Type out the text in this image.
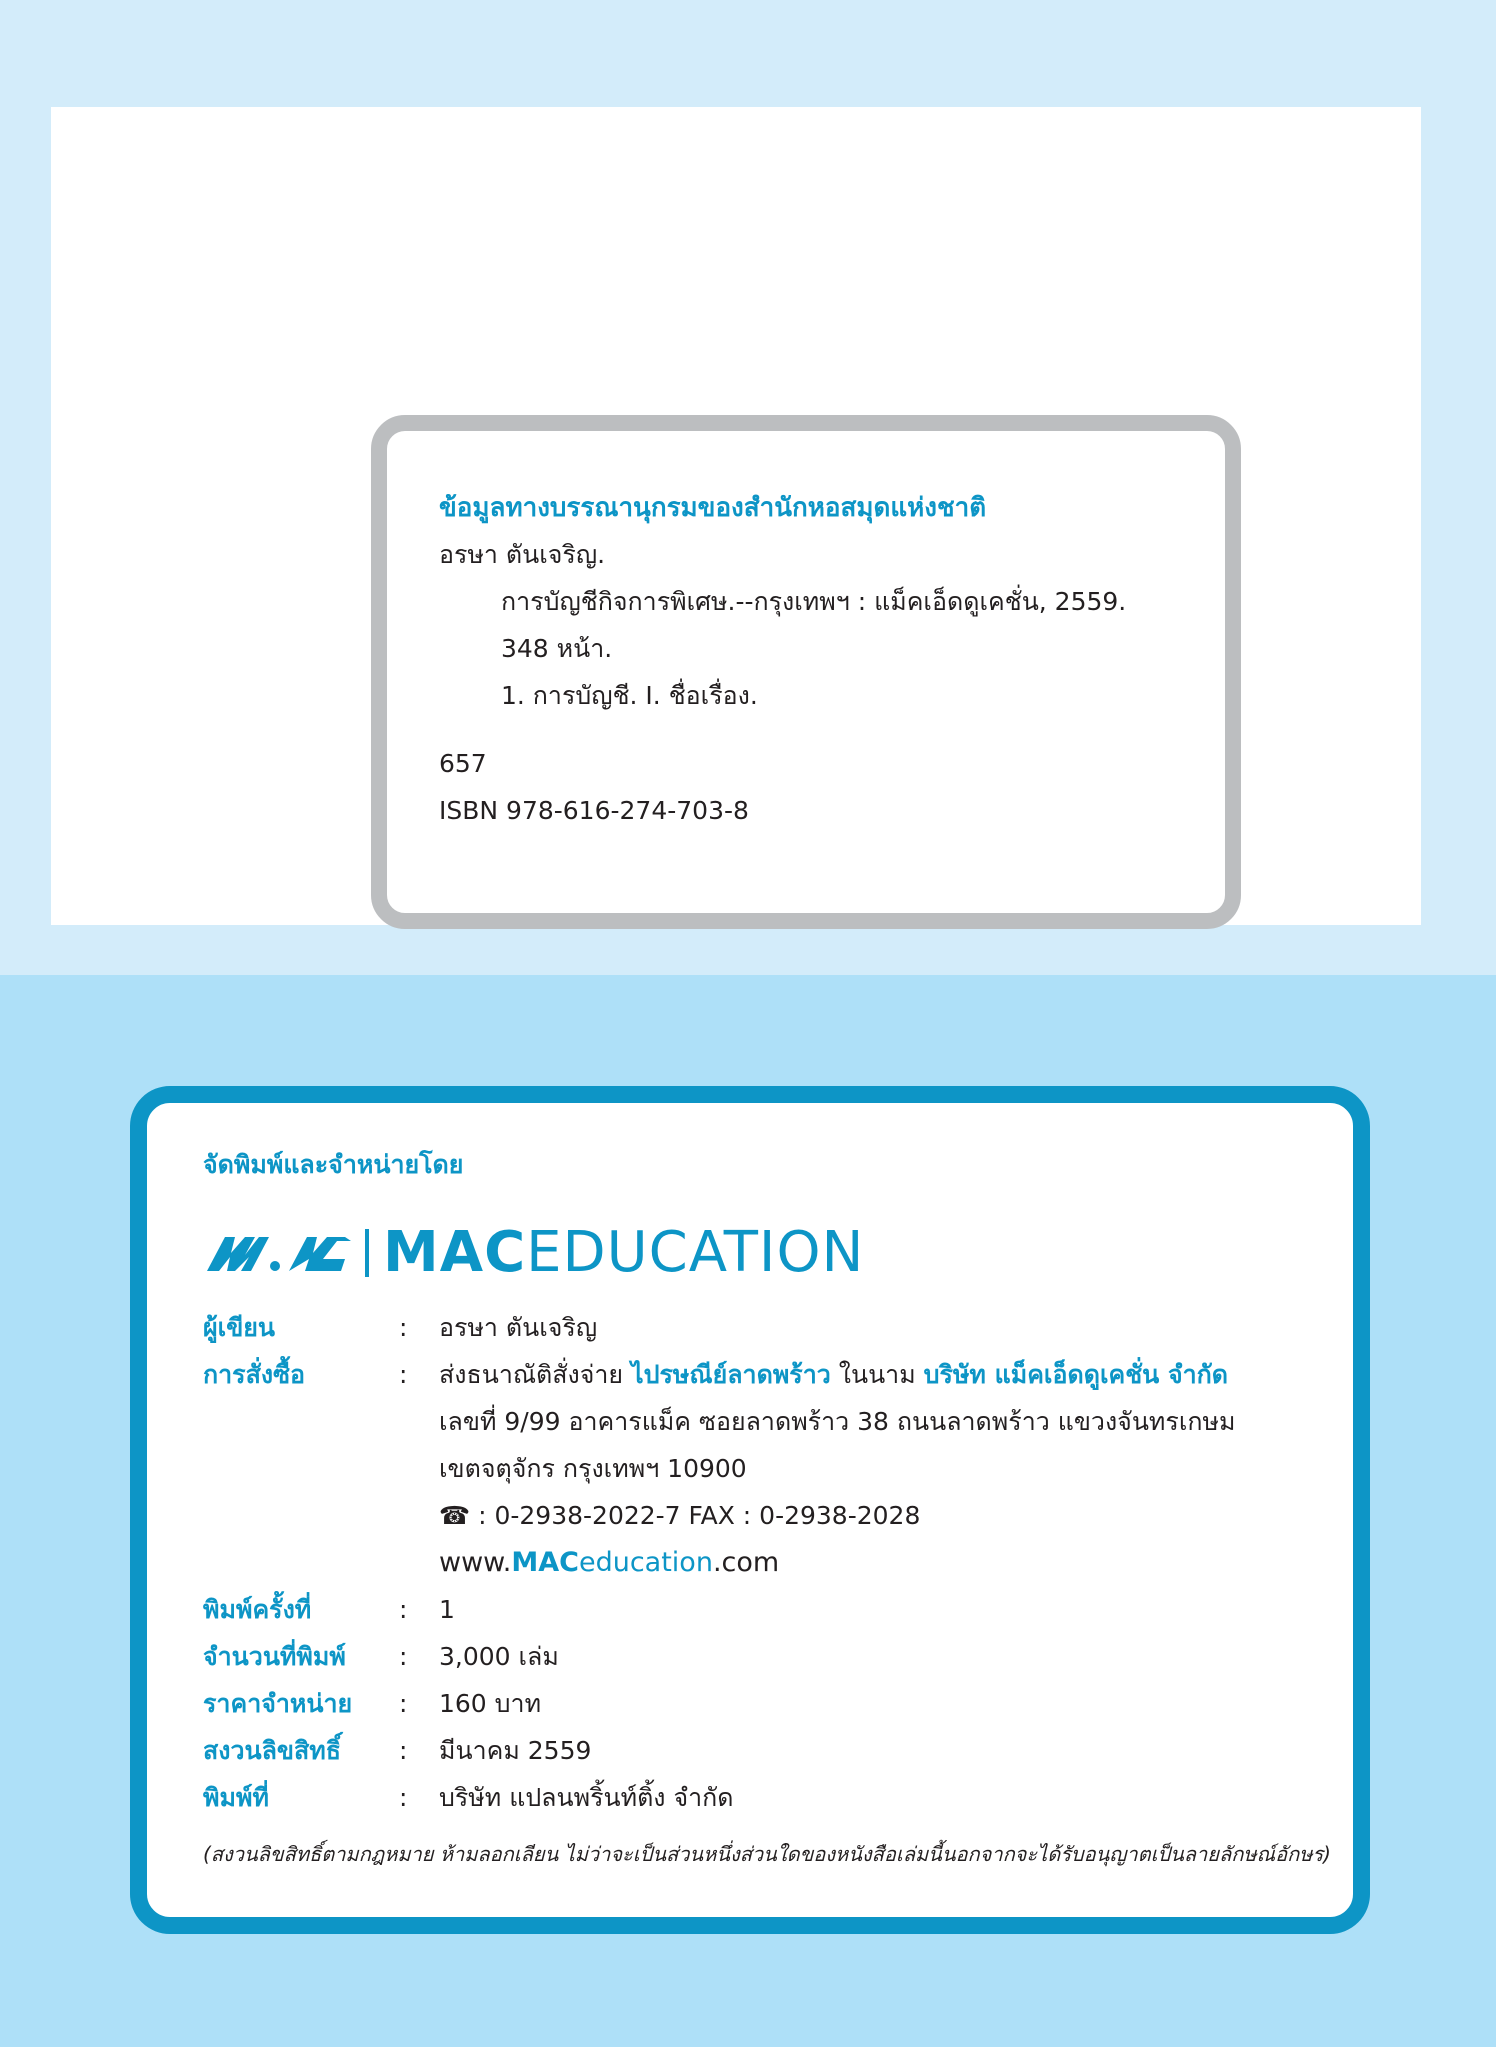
ข้อมูลทางบรรณานุกรมของสำนักหอสมุดแห่งชาติ
อรษา ตันเจริญ.
การบัญชีกิจการพิเศษ.--กรุงเทพฯ : แม็คเอ็ดดูเคชั่น, 2559.
348 หน้า.
1. การบัญชี. I. ชื่อเรื่อง.
657
ISBN 978-616-274-703-8
จัดพิมพ์และจำหน่ายโดย
MAC EDUCATION
ผู้เขียน	: อรษา ตันเจริญ
การสั่งซื้อ	: ส่งธนาณัติสั่งจ่าย ไปรษณีย์ลาดพร้าว ในนาม บริษัท แม็คเอ็ดดูเคชั่น จำกัด
เลขที่ 9/99 อาคารแม็ค ซอยลาดพร้าว 38 ถนนลาดพร้าว แขวงจันทรเกษม
เขตจตุจักร กรุงเทพฯ 10900
☎ : 0-2938-2022-7 FAX : 0-2938-2028
www.MACeducation.com
พิมพ์ครั้งที่	: 1
จำนวนที่พิมพ์ : 3,000 เล่ม
ราคาจำหน่าย : 160 บาท
สงวนลิขสิทธิ์ : มีนาคม 2559
พิมพ์ที่	: บริษัท แปลนพริ้นท์ติ้ง จำกัด
(สงวนลิขสิทธิ์ตามกฎหมาย ห้ามลอกเลียน ไม่ว่าจะเป็นส่วนหนึ่งส่วนใดของหนังสือเล่มนี้นอกจากจะได้รับอนุญาตเป็นลายลักษณ์อักษร)
